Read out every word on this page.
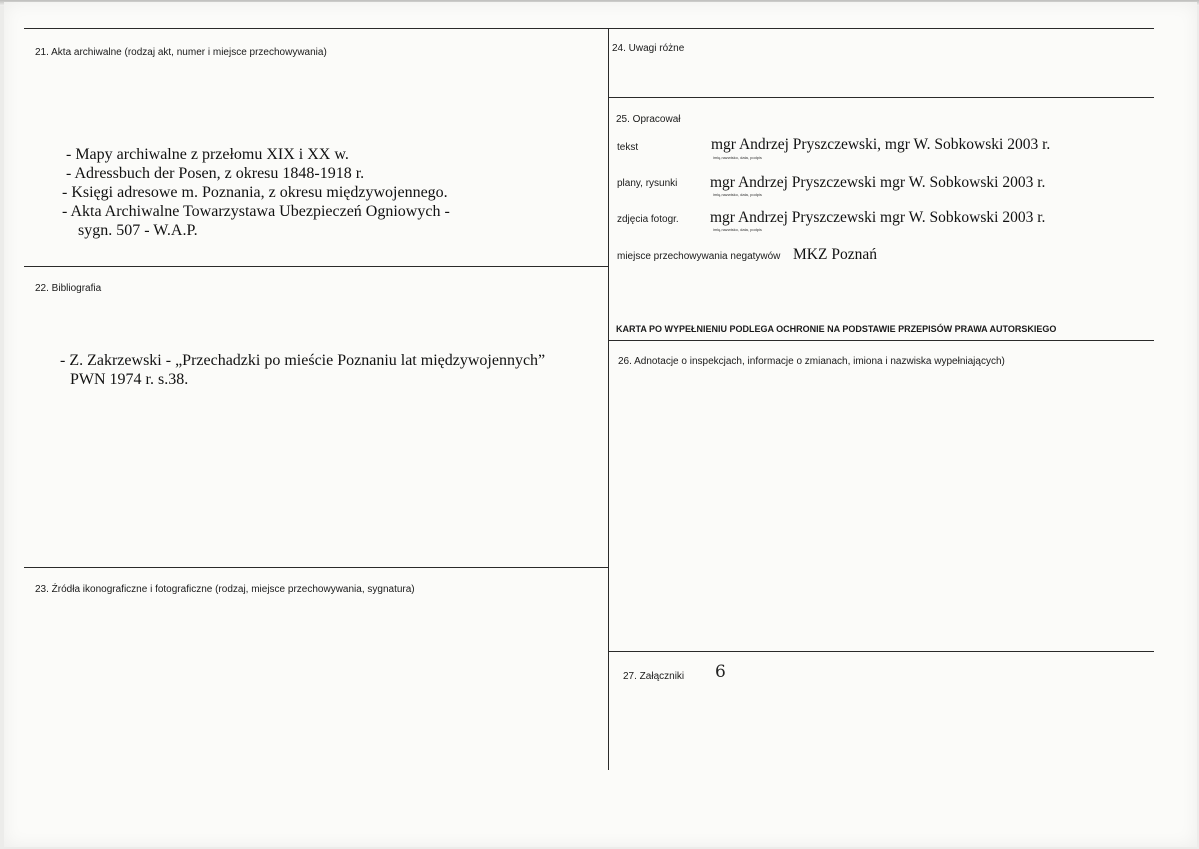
21. Akta archiwalne (rodzaj akt, numer i miejsce przechowywania)
- Mapy archiwalne z przełomu XIX i XX w.
- Adressbuch der Posen, z okresu 1848-1918 r.
- Księgi adresowe m. Poznania, z okresu międzywojennego.
- Akta Archiwalne Towarzystawa Ubezpieczeń Ogniowych -
sygn. 507 - W.A.P.
22. Bibliografia
- Z. Zakrzewski - „Przechadzki po mieście Poznaniu lat międzywojennych”
PWN 1974 r. s.38.
23. Źródła ikonograficzne i fotograficzne (rodzaj, miejsce przechowywania, sygnatura)
24. Uwagi różne
25. Opracował
tekst	mgr Andrzej Pryszczewski, mgr W. Sobkowski 2003 r.
imię,nazwisko, data, podpis
plany, rysunki mgr Andrzej Pryszczewski mgr W. Sobkowski 2003 r.
imię,nazwisko, data, podpis
zdjęcia fotogr. mgr Andrzej Pryszczewski mgr W. Sobkowski 2003 r.
imię,nazwisko, data, podpis
miejsce przechowywania negatywów MKZ Poznań
KARTA PO WYPEŁNIENIU PODLEGA OCHRONIE NA PODSTAWIE PRZEPISÓW PRAWA AUTORSKIEGO
26. Adnotacje o inspekcjach, informacje o zmianach, imiona i nazwiska wypełniających)
27. Załączniki 6
